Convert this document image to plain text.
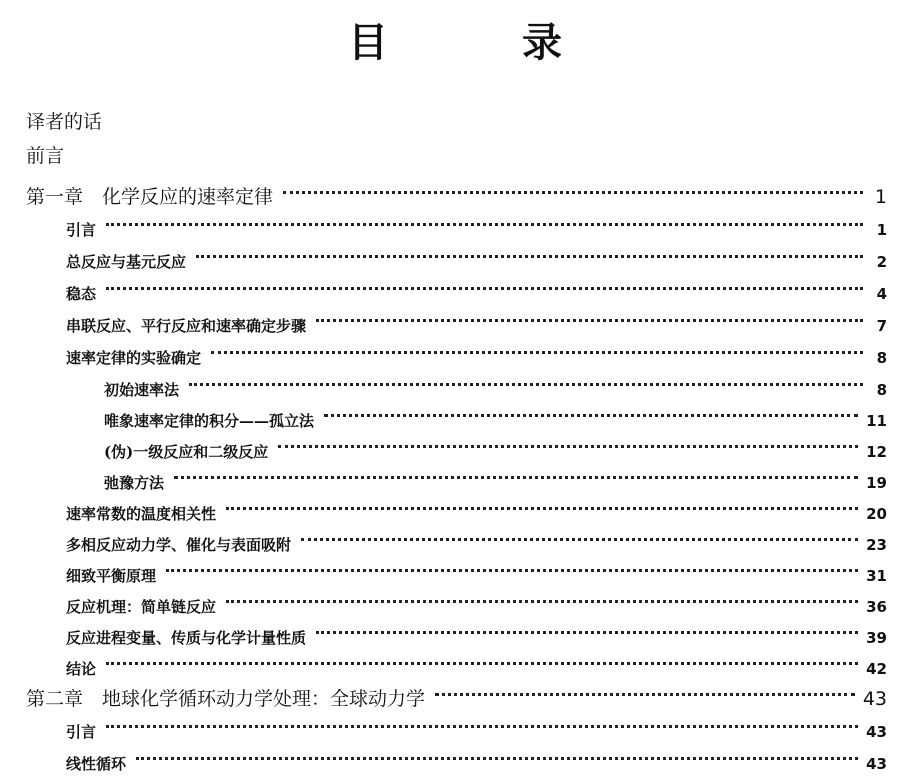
目	录
译者的话
前言
第一章　化学反应的速率定律	1
引言	1
总反应与基元反应	2
稳态	4
串联反应、平行反应和速率确定步骤	7
速率定律的实验确定	8
初始速率法	8
唯象速率定律的积分——孤立法	11
(伪)一级反应和二级反应	12
弛豫方法	19
速率常数的温度相关性	20
多相反应动力学、催化与表面吸附	23
细致平衡原理	31
反应机理：简单链反应	36
反应进程变量、传质与化学计量性质	39
结论	42
第二章　地球化学循环动力学处理：全球动力学	43
引言	43
线性循环	43
